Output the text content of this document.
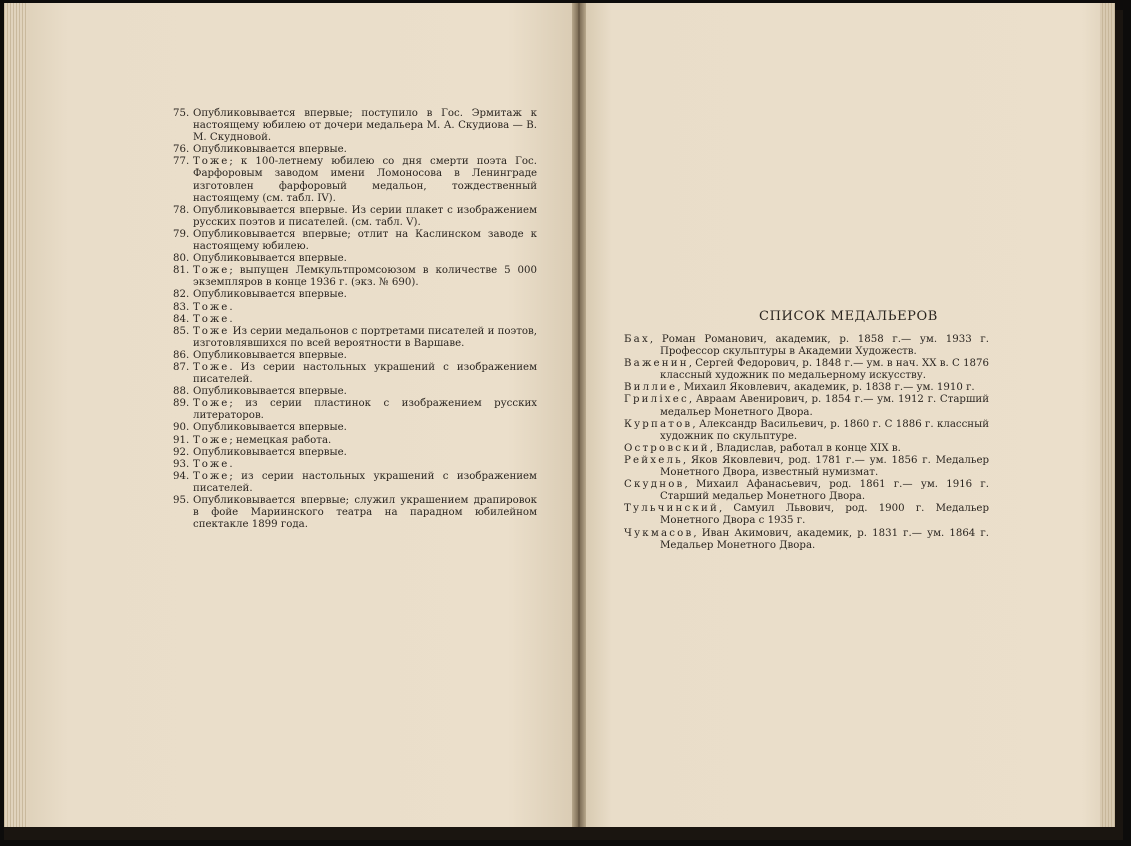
75. Опубликовывается впервые; поступило в Гос. Эрмитаж к настоящему юбилею от дочери медальера М. А. Скудиова — В. М. Скудновой.
76. Опубликовывается впервые.
77. Тоже; к 100-летнему юбилею со дня смерти поэта Гос. Фарфоровым заводом имени Ломоносова в Ленинграде изготовлен фарфоровый медальон, тождественный настоящему (см. табл. IV).
78. Опубликовывается впервые. Из серии плакет с изображением русских поэтов и писателей. (см. табл. V).
79. Опубликовывается впервые; отлит на Каслинском заводе к настоящему юбилею.
80. Опубликовывается впервые.
81. Тоже; выпущен Лемкультпромсоюзом в количестве 5 000 экземпляров в конце 1936 г. (экз. № 690).
82. Опубликовывается впервые.
83. Тоже.
84. Тоже.
85. Тоже Из серии медальонов с портретами писателей и поэтов, изготовлявшихся по всей вероятности в Варшаве.
86. Опубликовывается впервые.
87. Тоже. Из серии настольных украшений с изображением писателей.
88. Опубликовывается впервые.
89. Тоже; из серии пластинок с изображением русских литераторов.
90. Опубликовывается впервые.
91. Тоже; немецкая работа.
92. Опубликовывается впервые.
93. Тоже.
94. Тоже; из серии настольных украшений с изображением писателей.
95. Опубликовывается впервые; служил украшением драпировок в фойе Мариинского театра на парадном юбилейном спектакле 1899 года.
СПИСОК МЕДАЛЬЕРОВ
Бах, Роман Романович, академик, р. 1858 г.— ум. 1933 г. Профессор скульптуры в Академии Художеств.
Важенин, Сергей Федорович, р. 1848 г.— ум. в нач. XX в. С 1876 классный художник по медальерному искусству.
Виллие, Михаил Яковлевич, академик, р. 1838 г.— ум. 1910 г.
Гриліхес, Авраам Авенирович, р. 1854 г.— ум. 1912 г. Старший медальер Монетного Двора.
Курпатов, Александр Васильевич, р. 1860 г. С 1886 г. классный художник по скульптуре.
Островский, Владислав, работал в конце XIX в.
Рейхель, Яков Яковлевич, род. 1781 г.— ум. 1856 г. Медальер Монетного Двора, известный нумизмат.
Скуднов, Михаил Афанасьевич, род. 1861 г.— ум. 1916 г. Старший медальер Монетного Двора.
Тульчинский, Самуил Львович, род. 1900 г. Медальер Монетного Двора с 1935 г.
Чукмасов, Иван Акимович, академик, р. 1831 г.— ум. 1864 г. Медальер Монетного Двора.
